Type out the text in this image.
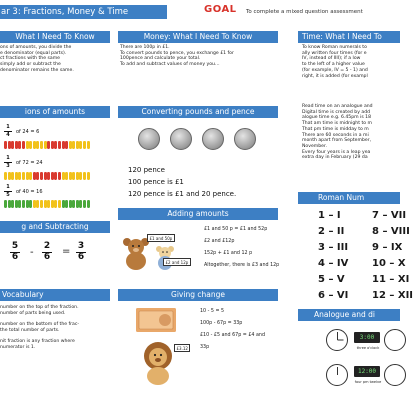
ar 3: Fractions, Money & Time	GOAL To complete a mixed question assessment
What I Need To Know

ons of amounts, you divide the

e denominator (equal parts).

ct fractions with the same

simply add or subtract the

denominator remains the same.

ions of amounts
1
4	of 24 = 6
1
3	of 72 = 24
1
5	of 40 = 16
g and Subtracting
5
6 -
2
6 = 3
6
Vocabulary

number on the top of the fraction.

number of parts being used.

number on the bottom of the frac-

the total number of parts.

nit fraction is any fraction where

numerator is 1.

Money: What I Need To Know

There are 100p in £1.

To convert pounds to pence, you exchange £1 for

100pence and calculate your total.

To add and subtract values of money you…

Converting pounds and pence
120 pence
100 pence is £1
120 pence is £1 and 20 pence.
Adding amounts
£1 and 50p
£2 and 12p

£1 and 50 p = £1 and 52p

£2 and £12p

152p + £1 and 12 p

Altogether, there is £3 and 12p

Giving change
£3.12

10 - 5 = 5

100p - 67p = 33p

£10 - £5 and 67p = £4 and

33p

Time: What I Need To

To know Roman numerals to

ally written four times (for e

IV, instead of IIII); if a low

to the left of a higher value

(for example, IV = 5 - 1) and

right, it is added (for exampl

Read time on an analogue and

Digital time is created by add

alogue time e.g. 6.45pm is 18

That am time is midnight to m

That pm time is midday to m

There are 60 seconds in a mi

month apart from September,

November.

Every four years is a leap yea

extra day in February (29 da

Roman Num
1 – I	7 – VII
2 – II	8 – VIII
3 – III 9 – IX
4 – IV 10 – X
5 – V	11 – XI
6 – VI 12 – XII
Analogue and di
3:00
three o'clock
12:00
four pm twelve
